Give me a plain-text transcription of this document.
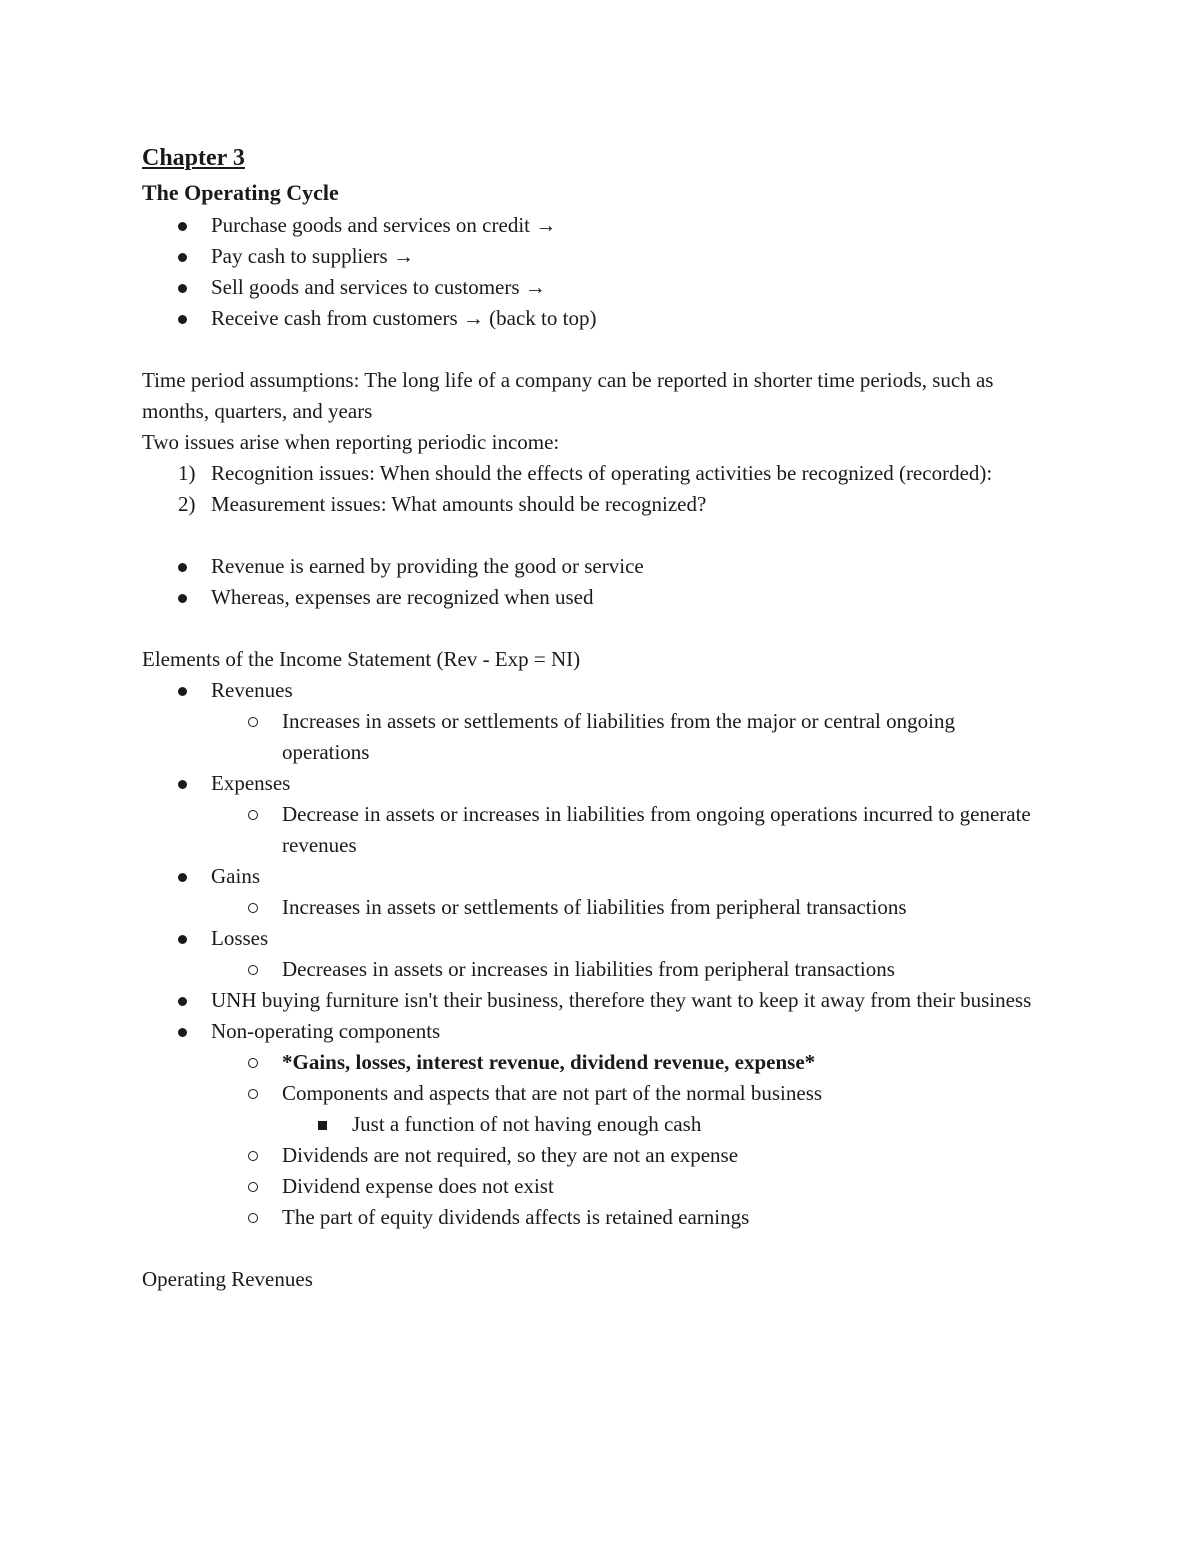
Chapter 3
The Operating Cycle
Purchase goods and services on credit →
Pay cash to suppliers →
Sell goods and services to customers →
Receive cash from customers → (back to top)
Time period assumptions: The long life of a company can be reported in shorter time periods, such as months, quarters, and years
Two issues arise when reporting periodic income:
1) Recognition issues: When should the effects of operating activities be recognized (recorded):
2) Measurement issues: What amounts should be recognized?
Revenue is earned by providing the good or service
Whereas, expenses are recognized when used
Elements of the Income Statement (Rev - Exp = NI)
Revenues
Increases in assets or settlements of liabilities from the major or central ongoing operations
Expenses
Decrease in assets or increases in liabilities from ongoing operations incurred to generate revenues
Gains
Increases in assets or settlements of liabilities from peripheral transactions
Losses
Decreases in assets or increases in liabilities from peripheral transactions
UNH buying furniture isn't their business, therefore they want to keep it away from their business
Non-operating components
*Gains, losses, interest revenue, dividend revenue, expense*
Components and aspects that are not part of the normal business
Just a function of not having enough cash
Dividends are not required, so they are not an expense
Dividend expense does not exist
The part of equity dividends affects is retained earnings
Operating Revenues
